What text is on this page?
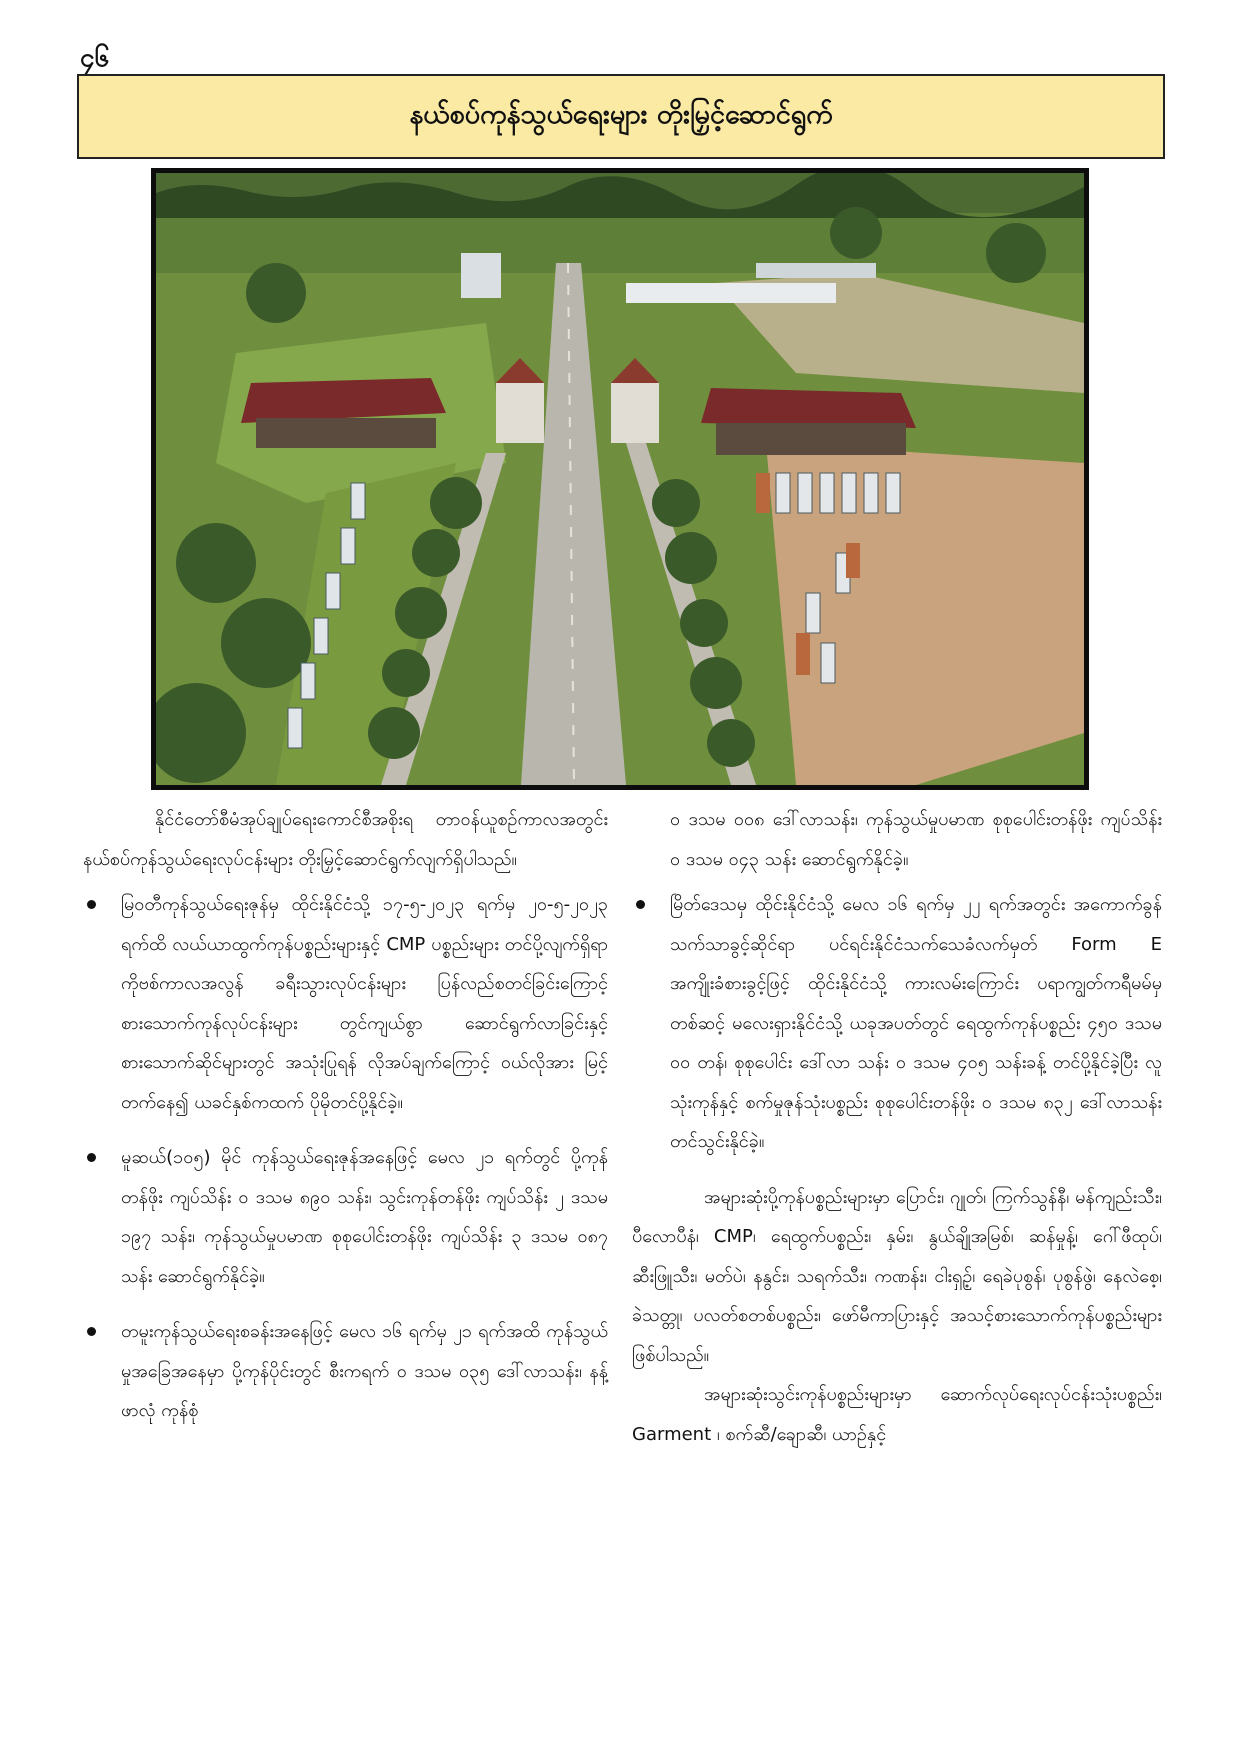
၄၆
နယ်စပ်ကုန်သွယ်ရေးများ တိုးမြှင့်ဆောင်ရွက်

နိုင်ငံတော်စီမံအုပ်ချုပ်ရေးကောင်စီအစိုးရ တာဝန်ယူစဉ်ကာလအတွင်း နယ်စပ်ကုန်သွယ်ရေးလုပ်ငန်းများ တိုးမြှင့်ဆောင်ရွက်လျက်ရှိပါသည်။

မြဝတီကုန်သွယ်ရေးဇုန်မှ ထိုင်းနိုင်ငံသို့ ၁၇-၅-၂၀၂၃ ရက်မှ ၂၀-၅-၂၀၂၃ ရက်ထိ လယ်ယာထွက်ကုန်ပစ္စည်းများနှင့် CMP ပစ္စည်းများ တင်ပို့လျက်ရှိရာ ကိုဗစ်ကာလအလွန် ခရီးသွားလုပ်ငန်းများ ပြန်လည်စတင်ခြင်းကြောင့် စားသောက်ကုန်လုပ်ငန်းများ တွင်ကျယ်စွာ ဆောင်ရွက်လာခြင်းနှင့် စားသောက်ဆိုင်များတွင် အသုံးပြုရန် လိုအပ်ချက်ကြောင့် ဝယ်လိုအား မြင့်တက်နေ၍ ယခင်နှစ်ကထက် ပိုမိုတင်ပို့နိုင်ခဲ့။
မူဆယ်(၁၀၅) မိုင် ကုန်သွယ်ရေးဇုန်အနေဖြင့် မေလ ၂၁ ရက်တွင် ပို့ကုန်တန်ဖိုး ကျပ်သိန်း ၀ ဒသမ ၈၉၀ သန်း၊ သွင်းကုန်တန်ဖိုး ကျပ်သိန်း ၂ ဒသမ ၁၉၇ သန်း၊ ကုန်သွယ်မှုပမာဏ စုစုပေါင်းတန်ဖိုး ကျပ်သိန်း ၃ ဒသမ ၀၈၇ သန်း ဆောင်ရွက်နိုင်ခဲ့။
တမူးကုန်သွယ်ရေးစခန်းအနေဖြင့် မေလ ၁၆ ရက်မှ ၂၁ ရက်အထိ ကုန်သွယ်မှုအခြေအနေမှာ ပို့ကုန်ပိုင်းတွင် စီးကရက် ၀ ဒသမ ၀၃၅ ဒေါ်လာသန်း၊ နန့်ဖာလုံ ကုန်စုံ

၀ ဒသမ ၀၀၈ ဒေါ်လာသန်း၊ ကုန်သွယ်မှုပမာဏ စုစုပေါင်းတန်ဖိုး ကျပ်သိန်း ၀ ဒသမ ၀၄၃ သန်း ဆောင်ရွက်နိုင်ခဲ့။

မြိတ်ဒေသမှ ထိုင်းနိုင်ငံသို့ မေလ ၁၆ ရက်မှ ၂၂ ရက်အတွင်း အကောက်ခွန် သက်သာခွင့်ဆိုင်ရာ ပင်ရင်းနိုင်ငံသက်သေခံလက်မှတ် Form E အကျိုးခံစားခွင့်ဖြင့် ထိုင်းနိုင်ငံသို့ ကားလမ်းကြောင်း ပရာကျွတ်ကရီမမ်မှတစ်ဆင့် မလေးရှားနိုင်ငံသို့ ယခုအပတ်တွင် ရေထွက်ကုန်ပစ္စည်း ၄၅၀ ဒသမ ၀၀ တန်၊ စုစုပေါင်း ဒေါ်လာ သန်း ၀ ဒသမ ၄၀၅ သန်းခန့် တင်ပို့နိုင်ခဲ့ပြီး လူသုံးကုန်နှင့် စက်မှုဇုန်သုံးပစ္စည်း စုစုပေါင်းတန်ဖိုး ၀ ဒသမ ၈၃၂ ဒေါ်လာသန်း တင်သွင်းနိုင်ခဲ့။

အများဆုံးပို့ကုန်ပစ္စည်းများမှာ ပြောင်း၊ ဂျုတ်၊ ကြက်သွန်နီ၊ မန်ကျည်းသီး၊ ပီလောပီနံ၊ CMP၊ ရေထွက်ပစ္စည်း၊ နှမ်း၊ နွယ်ချိုအမြစ်၊ ဆန်မှုန့်၊ ဂေါ်ဖီထုပ်၊ ဆီးဖြူသီး၊ မတ်ပဲ၊ နနွင်း၊ သရက်သီး၊ ကဏန်း၊ ငါးရှဉ့်၊ ရေခဲပုစွန်၊ ပုစွန်ဖွဲ၊ နေလဲစေ့၊ ခဲသတ္တု၊ ပလတ်စတစ်ပစ္စည်း၊ ဖော်မီကာပြားနှင့် အသင့်စားသောက်ကုန်ပစ္စည်းများဖြစ်ပါသည်။

အများဆုံးသွင်းကုန်ပစ္စည်းများမှာ ဆောက်လုပ်ရေးလုပ်ငန်းသုံးပစ္စည်း၊ Garment ၊ စက်ဆီ/ချောဆီ၊ ယာဉ်နှင့်
